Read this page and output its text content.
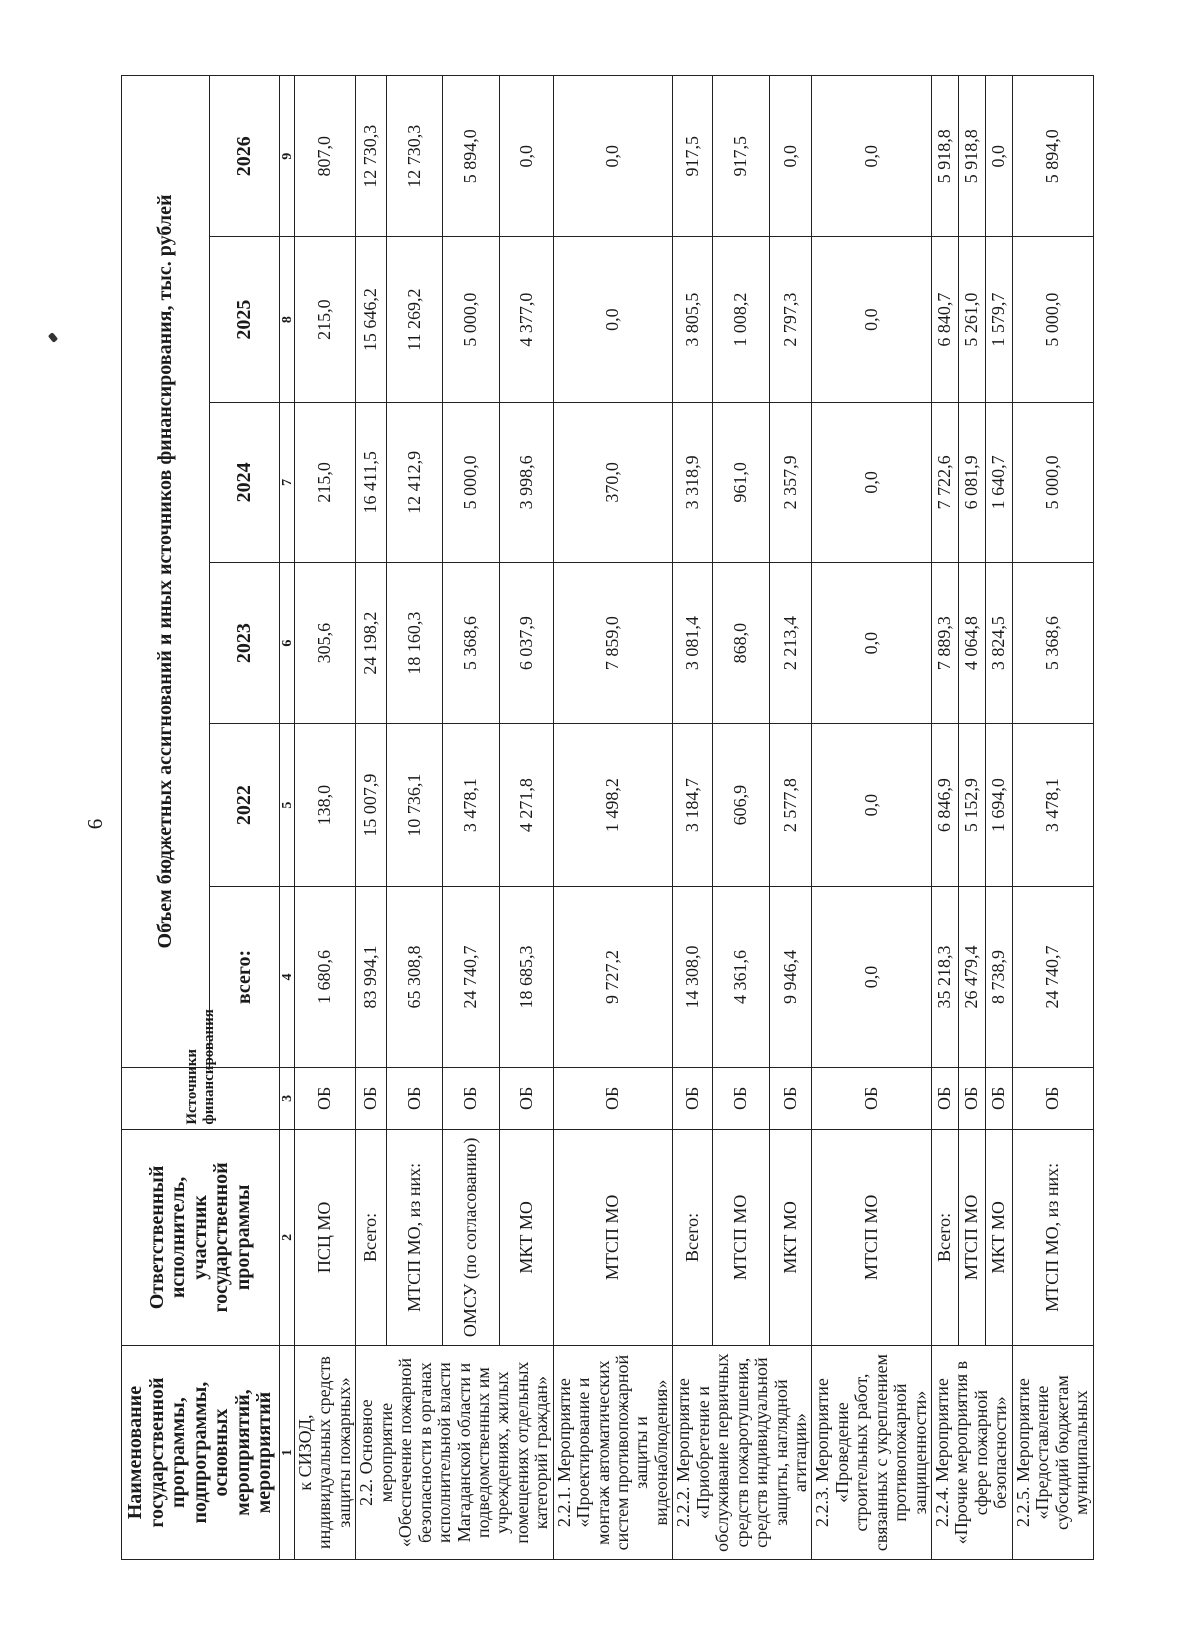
6
Наименование государственной программы, подпрограммы, основных мероприятий, мероприятий	Ответственный исполнитель, участник государственной программы	Источники финансирования	Объем бюджетных ассигнований и иных источников финансирования, тыс. рублей					
			всего:	2022	2023	2024	2025	2026
1	2	3	4	5	6	7	8	9
к СИЗОД, индивидуальных средств защиты пожарных»	ПСЦ МО	ОБ	1 680,6	138,0	305,6	215,0	215,0	807,0
2.2. Основное мероприятие «Обеспечение пожарной безопасности в органах исполнительной власти Магаданской области и подведомственных им учреждениях, жилых помещениях отдельных категорий граждан»	Всего:	ОБ	83 994,1	15 007,9	24 198,2	16 411,5	15 646,2	12 730,3
	МТСП МО, из них:	ОБ	65 308,8	10 736,1	18 160,3	12 412,9	11 269,2	12 730,3
	ОМСУ (по согласованию)	ОБ	24 740,7	3 478,1	5 368,6	5 000,0	5 000,0	5 894,0
	МКТ МО	ОБ	18 685,3	4 271,8	6 037,9	3 998,6	4 377,0	0,0
2.2.1. Мероприятие «Проектирование и монтаж автоматических систем противопожарной защиты и видеонаблюдения»	МТСП МО	ОБ	9 727,2	1 498,2	7 859,0	370,0	0,0	0,0
2.2.2. Мероприятие «Приобретение и обслуживание первичных средств пожаротушения, средств индивидуальной защиты, наглядной агитации»	Всего:	ОБ	14 308,0	3 184,7	3 081,4	3 318,9	3 805,5	917,5
	МТСП МО	ОБ	4 361,6	606,9	868,0	961,0	1 008,2	917,5
	МКТ МО	ОБ	9 946,4	2 577,8	2 213,4	2 357,9	2 797,3	0,0
2.2.3. Мероприятие «Проведение строительных работ, связанных с укреплением противопожарной защищенности»	МТСП МО	ОБ	0,0	0,0	0,0	0,0	0,0	0,0
2.2.4. Мероприятие «Прочие мероприятия в сфере пожарной безопасности»	Всего:	ОБ	35 218,3	6 846,9	7 889,3	7 722,6	6 840,7	5 918,8
	МТСП МО	ОБ	26 479,4	5 152,9	4 064,8	6 081,9	5 261,0	5 918,8
	МКТ МО	ОБ	8 738,9	1 694,0	3 824,5	1 640,7	1 579,7	0,0
2.2.5. Мероприятие «Предоставление субсидий бюджетам муниципальных	МТСП МО, из них:	ОБ	24 740,7	3 478,1	5 368,6	5 000,0	5 000,0	5 894,0
